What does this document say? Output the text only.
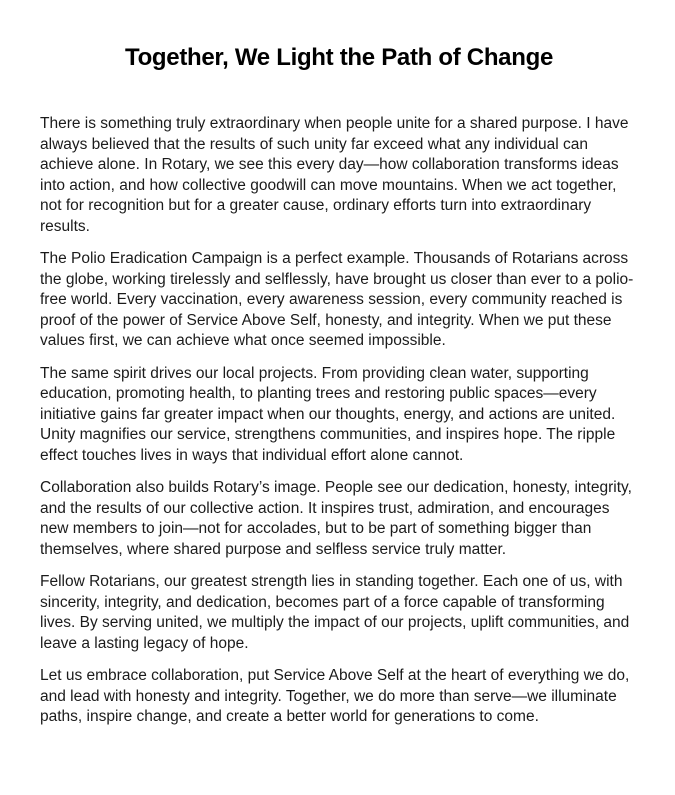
Together, We Light the Path of Change

There is something truly extraordinary when people unite for a shared purpose. I have always believed that the results of such unity far exceed what any individual can achieve alone. In Rotary, we see this every day—how collaboration transforms ideas into action, and how collective goodwill can move mountains. When we act together, not for recognition but for a greater cause, ordinary efforts turn into extraordinary results.

The Polio Eradication Campaign is a perfect example. Thousands of Rotarians across the globe, working tirelessly and selflessly, have brought us closer than ever to a polio-free world. Every vaccination, every awareness session, every community reached is proof of the power of Service Above Self, honesty, and integrity. When we put these values first, we can achieve what once seemed impossible.

The same spirit drives our local projects. From providing clean water, supporting education, promoting health, to planting trees and restoring public spaces—every initiative gains far greater impact when our thoughts, energy, and actions are united. Unity magnifies our service, strengthens communities, and inspires hope. The ripple effect touches lives in ways that individual effort alone cannot.

Collaboration also builds Rotary’s image. People see our dedication, honesty, integrity, and the results of our collective action. It inspires trust, admiration, and encourages new members to join—not for accolades, but to be part of something bigger than themselves, where shared purpose and selfless service truly matter.

Fellow Rotarians, our greatest strength lies in standing together. Each one of us, with sincerity, integrity, and dedication, becomes part of a force capable of transforming lives. By serving united, we multiply the impact of our projects, uplift communities, and leave a lasting legacy of hope.

Let us embrace collaboration, put Service Above Self at the heart of everything we do, and lead with honesty and integrity. Together, we do more than serve—we illuminate paths, inspire change, and create a better world for generations to come.
